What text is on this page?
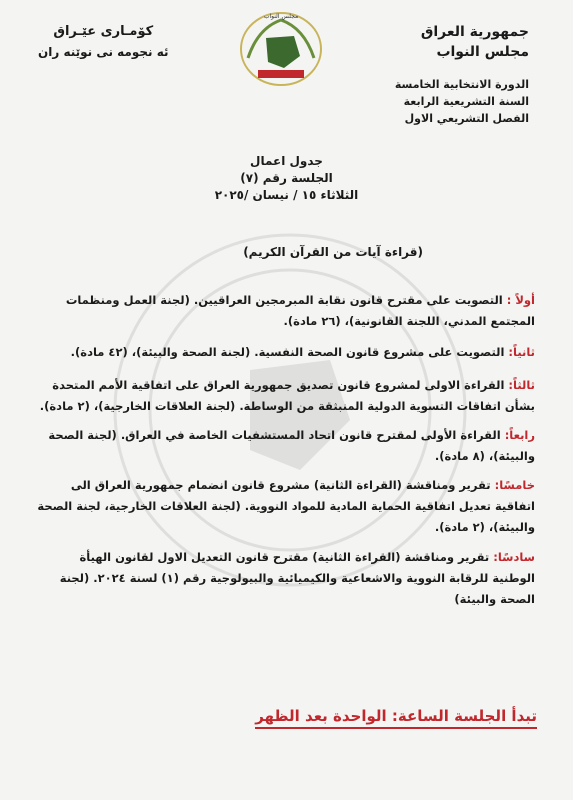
جمهورية العراق
مجلس النواب
الدورة الانتخابية الخامسة
السنة التشريعية الرابعة
الفصل التشريعي الاول
كۆمـاری عێـراق
ئه نجومه نی نوێنه ران
مجلس النواب
جدول اعمال
الجلسة رقم (٧)
الثلاثاء ١٥ / نيسان /٢٠٢٥
(قراءة آيات من القرآن الكريم)
أولاً : التصويت على مقترح قانون نقابة المبرمجين العراقيين. (لجنة العمل ومنظمات المجتمع المدني، اللجنة القانونية)، (٢٦ مادة).
ثانياً: التصويت على مشروع قانون الصحة النفسية. (لجنة الصحة والبيئة)، (٤٢ مادة).
ثالثاً: القراءة الاولى لمشروع قانون تصديق جمهورية العراق على اتفاقية الأمم المتحدة بشأن اتفاقات التسوية الدولية المنبثقة من الوساطة. (لجنة العلاقات الخارجية)، (٢ مادة).
رابعاً: القراءة الأولى لمقترح قانون اتحاد المستشفيات الخاصة في العراق. (لجنة الصحة والبيئة)، (٨ مادة).
خامسًا: تقرير ومناقشة (القراءة الثانية) مشروع قانون انضمام جمهورية العراق الى اتفاقية تعديل اتفاقية الحماية المادية للمواد النووية. (لجنة العلاقات الخارجية، لجنة الصحة والبيئة)، (٢ مادة).
سادسًا: تقرير ومناقشة (القراءة الثانية) مقترح قانون التعديل الاول لقانون الهيأة الوطنية للرقابة النووية والاشعاعية والكيميائية والبيولوجية رقم (١) لسنة ٢٠٢٤. (لجنة الصحة والبيئة)
تبدأ الجلسة الساعة: الواحدة بعد الظهر
